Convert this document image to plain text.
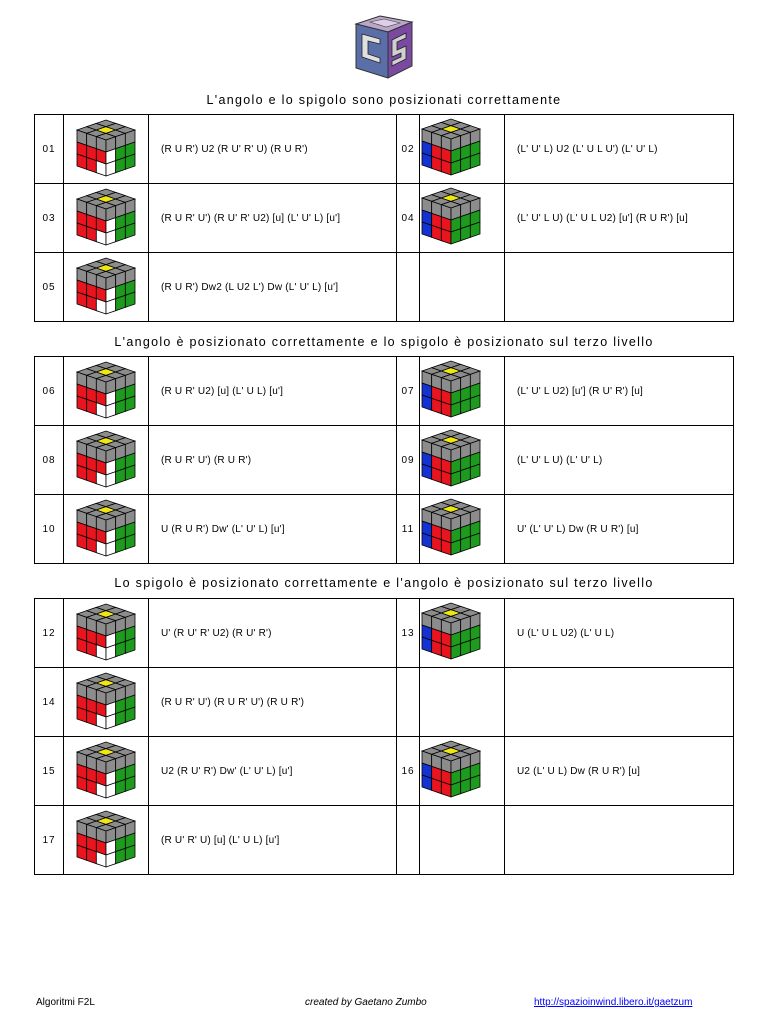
L'angolo e lo spigolo sono posizionati correttamente
01		(R U R') U2 (R U' R' U) (R U R')	02		(L' U' L) U2 (L' U L U') (L' U' L)
03		(R U R' U') (R U' R' U2) [u] (L' U' L) [u']	04		(L' U' L U) (L' U L U2) [u'] (R U R') [u]
05		(R U R') Dw2 (L U2 L') Dw (L' U' L) [u']			
L'angolo è posizionato correttamente e lo spigolo è posizionato sul terzo livello
06		(R U R' U2) [u] (L' U L) [u']	07		(L' U' L U2) [u'] (R U' R') [u]
08		(R U R' U') (R U R')	09		(L' U' L U) (L' U' L)
10		U (R U R') Dw' (L' U' L) [u']	11		U' (L' U' L) Dw (R U R') [u]
Lo spigolo è posizionato correttamente e l'angolo è posizionato sul terzo livello
12		U' (R U' R' U2) (R U' R')	13		U (L' U L U2) (L' U L)
14		(R U R' U') (R U R' U') (R U R')			
15		U2 (R U' R') Dw' (L' U' L) [u']	16		U2 (L' U L) Dw (R U R') [u]
17		(R U' R' U) [u] (L' U L) [u']			
Algoritmi F2L	created by Gaetano Zumbo	http://spazioinwind.libero.it/gaetzum
